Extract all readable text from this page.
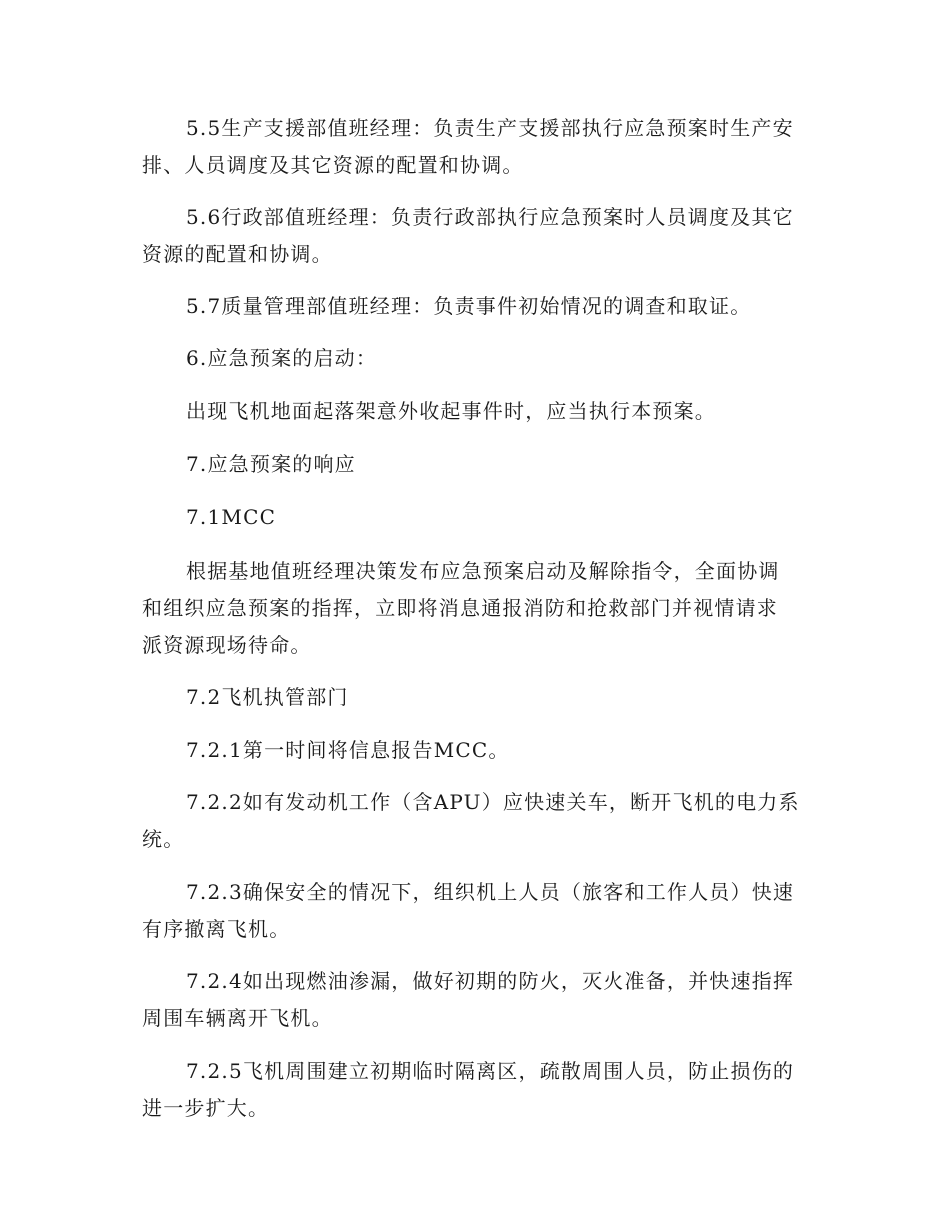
5.5生产支援部值班经理：负责生产支援部执行应急预案时生产安

排、人员调度及其它资源的配置和协调。

5.6行政部值班经理：负责行政部执行应急预案时人员调度及其它

资源的配置和协调。

5.7质量管理部值班经理：负责事件初始情况的调查和取证。

6.应急预案的启动：

出现飞机地面起落架意外收起事件时，应当执行本预案。

7.应急预案的响应

7.1MCC

根据基地值班经理决策发布应急预案启动及解除指令，全面协调

和组织应急预案的指挥，立即将消息通报消防和抢救部门并视情请求

派资源现场待命。

7.2飞机执管部门

7.2.1第一时间将信息报告MCC。

7.2.2如有发动机工作（含APU）应快速关车，断开飞机的电力系

统。

7.2.3确保安全的情况下，组织机上人员（旅客和工作人员）快速

有序撤离飞机。

7.2.4如出现燃油渗漏，做好初期的防火，灭火准备，并快速指挥

周围车辆离开飞机。

7.2.5飞机周围建立初期临时隔离区，疏散周围人员，防止损伤的

进一步扩大。
